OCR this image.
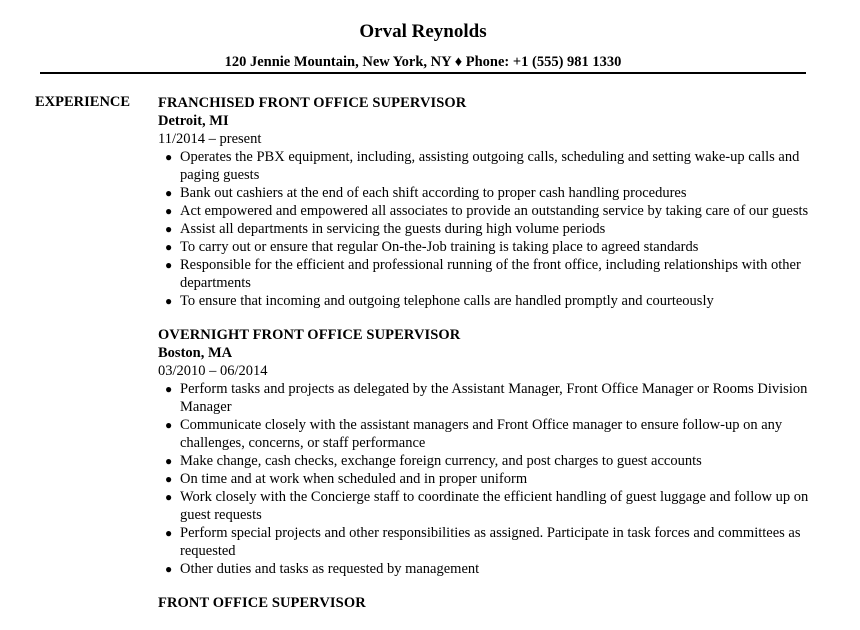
Orval Reynolds
120 Jennie Mountain, New York, NY ♦ Phone: +1 (555) 981 1330
EXPERIENCE FRANCHISED FRONT OFFICE SUPERVISOR
Detroit, MI
11/2014 – present
● Operates the PBX equipment, including, assisting outgoing calls, scheduling and setting wake-up calls and paging guests
● Bank out cashiers at the end of each shift according to proper cash handling procedures
● Act empowered and empowered all associates to provide an outstanding service by taking care of our guests
● Assist all departments in servicing the guests during high volume periods
● To carry out or ensure that regular On-the-Job training is taking place to agreed standards
● Responsible for the efficient and professional running of the front office, including relationships with other departments
● To ensure that incoming and outgoing telephone calls are handled promptly and courteously
OVERNIGHT FRONT OFFICE SUPERVISOR
Boston, MA
03/2010 – 06/2014
● Perform tasks and projects as delegated by the Assistant Manager, Front Office Manager or Rooms Division Manager
● Communicate closely with the assistant managers and Front Office manager to ensure follow-up on any challenges, concerns, or staff performance
● Make change, cash checks, exchange foreign currency, and post charges to guest accounts
● On time and at work when scheduled and in proper uniform
● Work closely with the Concierge staff to coordinate the efficient handling of guest luggage and follow up on guest requests
● Perform special projects and other responsibilities as assigned. Participate in task forces and committees as requested
● Other duties and tasks as requested by management
FRONT OFFICE SUPERVISOR
